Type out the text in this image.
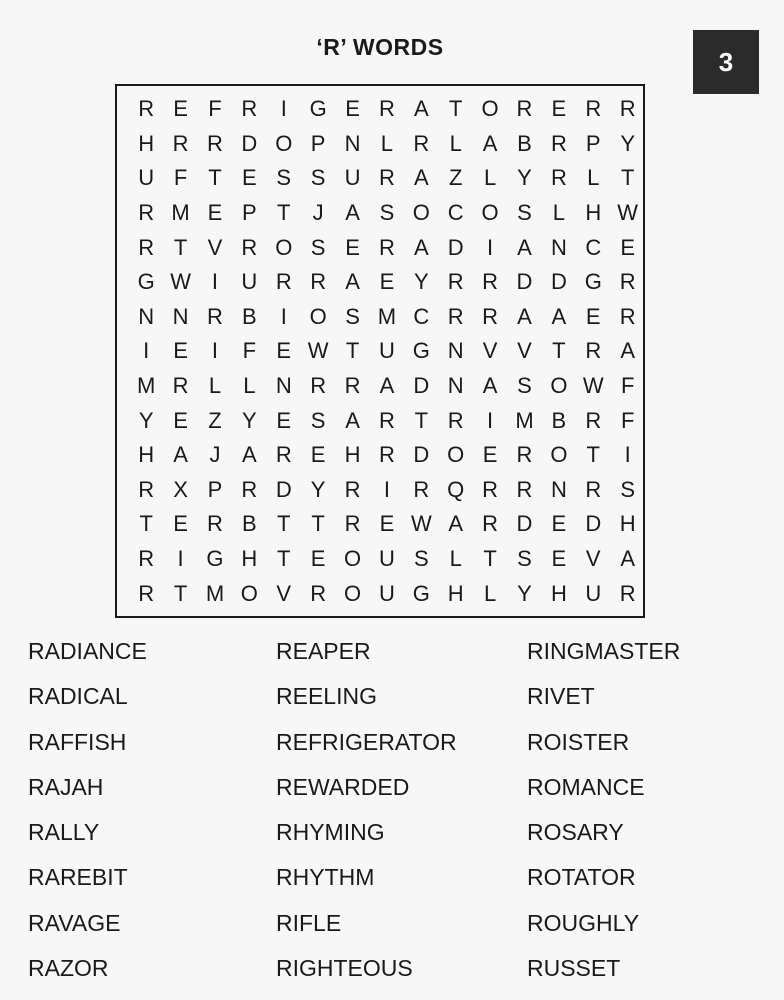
‘R’ WORDS	3
R E F R	I	G E R A T O R E R R
H R R D O P N L R L A B R P Y
U F T E S S U R A Z L Y R L T
R M E P T	J A S O C O S L H W
R T V R O S E R A D	I	A N C E
G W I	U R R A E Y R R D D G R
N N R B	I	O S M C R R A A E R
I	E	I	F E W T U G N V V T R A
M R L	L N R R A D N A S O W F
Y E Z Y E S A R T R	I	M B R F
H A J A R E H R D O E R O T	I
R X P R D Y R	I	R Q R R N R S
T E R B T T R E W A R D E D H
R	I	G H T E O U S L T S E V A
R T M O V R O U G H L Y H U R
RADIANCE
RADICAL
RAFFISH
RAJAH
RALLY
RAREBIT
RAVAGE
RAZOR
REAPER
REELING
REFRIGERATOR
REWARDED
RHYMING
RHYTHM
RIFLE
RIGHTEOUS
RINGMASTER
RIVET
ROISTER
ROMANCE
ROSARY
ROTATOR
ROUGHLY
RUSSET
